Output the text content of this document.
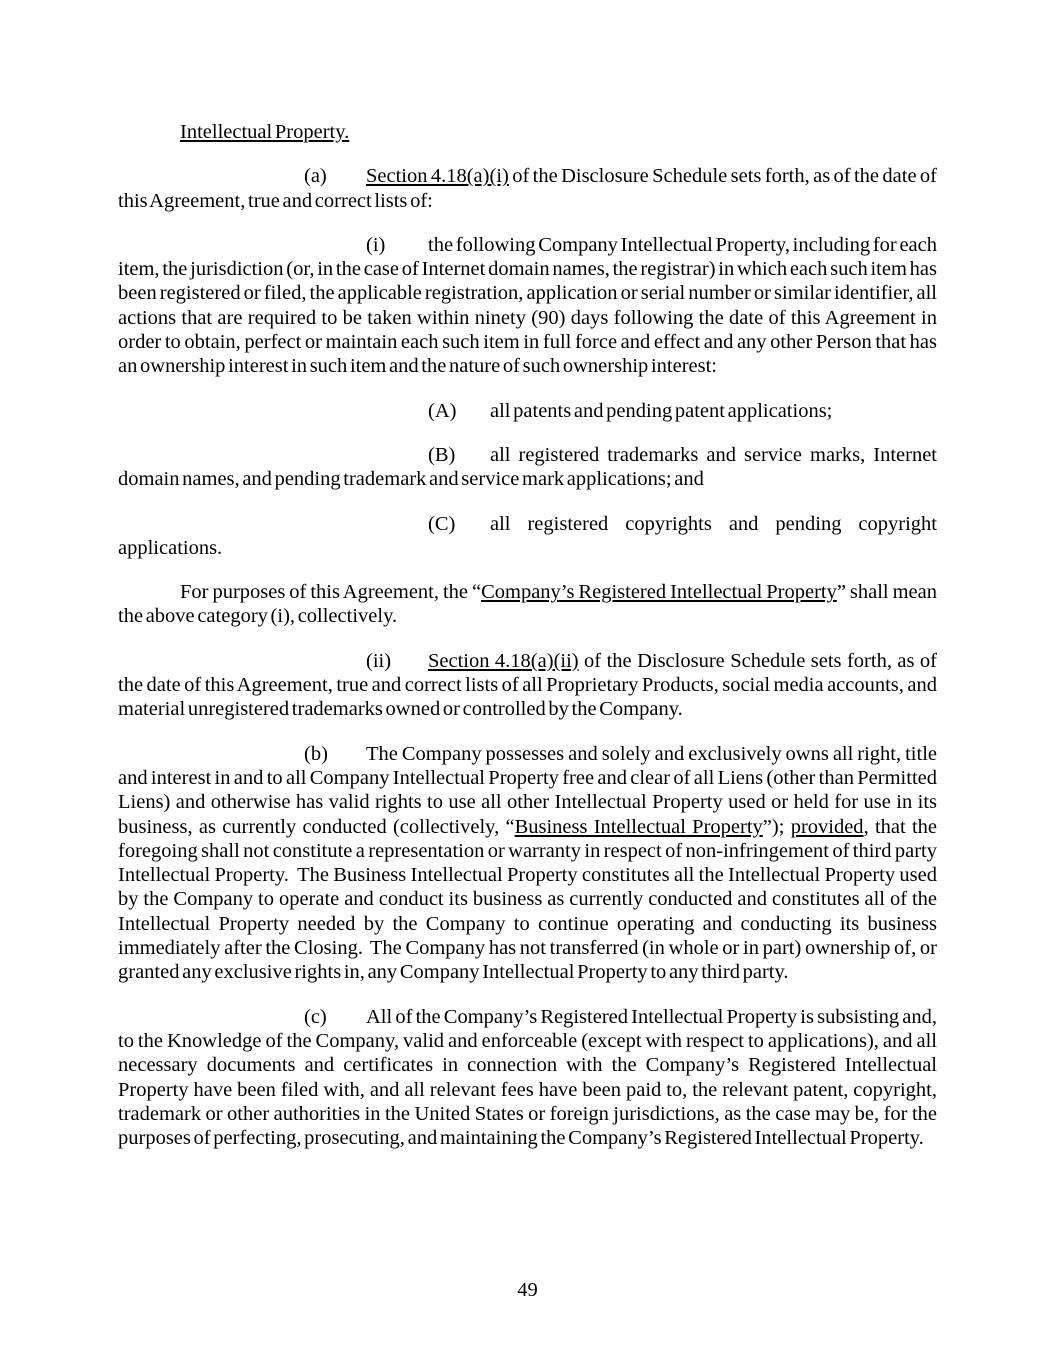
Intellectual Property.

(a) Section 4.18(a)(i) of the Disclosure Schedule sets forth, as of the date of this Agreement, true and correct lists of:

(i) the following Company Intellectual Property, including for each item, the jurisdiction (or, in the case of Internet domain names, the registrar) in which each such item has been registered or filed, the applicable registration, application or serial number or similar identifier, all actions that are required to be taken within ninety (90) days following the date of this Agreement in order to obtain, perfect or maintain each such item in full force and effect and any other Person that has an ownership interest in such item and the nature of such ownership interest:

(A) all patents and pending patent applications;

(B) all registered trademarks and service marks, Internet domain names, and pending trademark and service mark applications; and

(C) all registered copyrights and pending copyright applications.

For purposes of this Agreement, the “Company’s Registered Intellectual Property” shall mean the above category (i), collectively.

(ii) Section 4.18(a)(ii) of the Disclosure Schedule sets forth, as of the date of this Agreement, true and correct lists of all Proprietary Products, social media accounts, and material unregistered trademarks owned or controlled by the Company.

(b) The Company possesses and solely and exclusively owns all right, title and interest in and to all Company Intellectual Property free and clear of all Liens (other than Permitted Liens) and otherwise has valid rights to use all other Intellectual Property used or held for use in its business, as currently conducted (collectively, “Business Intellectual Property”); provided, that the foregoing shall not constitute a representation or warranty in respect of non-infringement of third party Intellectual Property.  The Business Intellectual Property constitutes all the Intellectual Property used by the Company to operate and conduct its business as currently conducted and constitutes all of the Intellectual Property needed by the Company to continue operating and conducting its business immediately after the Closing.  The Company has not transferred (in whole or in part) ownership of, or granted any exclusive rights in, any Company Intellectual Property to any third party.

(c) All of the Company’s Registered Intellectual Property is subsisting and, to the Knowledge of the Company, valid and enforceable (except with respect to applications), and all necessary documents and certificates in connection with the Company’s Registered Intellectual Property have been filed with, and all relevant fees have been paid to, the relevant patent, copyright, trademark or other authorities in the United States or foreign jurisdictions, as the case may be, for the purposes of perfecting, prosecuting, and maintaining the Company’s Registered Intellectual Property.

49
